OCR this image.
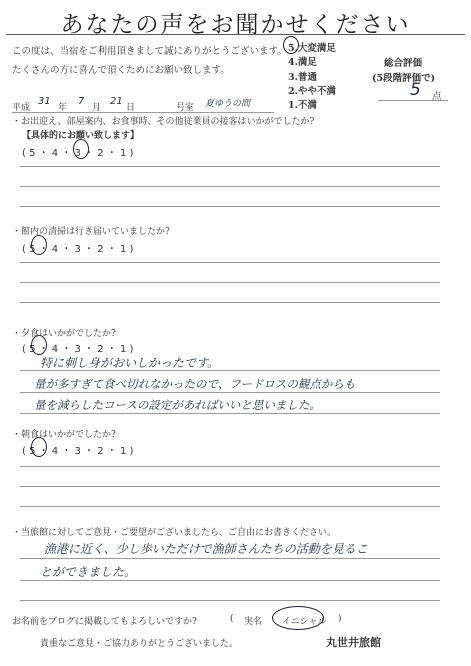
あなたの声をお聞かせください
この度は、当宿をご利用頂きまして誠にありがとうございます。
たくさんの方に喜んで頂くためにお願い致します。
5.大変満足
4.満足
3.普通
2.やや不満
1.不満
総合評価
(5段階評価で)
5 点
平成
31
年
7
月
21
日	号室 夏ゆうの間
・お出迎え、部屋案内、お食事時、その他従業員の接客はいかがでしたか?
【具体的にお願い致します】
( 5 ・ 4 ・ 3 ・ 2 ・ 1 )
・館内の清掃は行き届いていましたか?
( 5 ・ 4 ・ 3 ・ 2 ・ 1 )
・夕食はいかがでしたか?
( 5 ・ 4 ・ 3 ・ 2 ・ 1 )
特に刺し身がおいしかったです。
量が多すぎて食べ切れなかったので、フードロスの観点からも
量を減らしたコースの設定があればいいと思いました。
・朝食はいかがでしたか?
( 5 ・ 4 ・ 3 ・ 2 ・ 1 )
・当旅館に対してご意見・ご要望がございましたら、ご自由にお書きください。
漁港に近く、少し歩いただけで漁師さんたちの活動を見るこ
とができました。
お名前をブログに掲載してもよろしいですか?	( 実名 イニシャル )
貴重なご意見・ご協力ありがとうございました。	丸世井旅館
